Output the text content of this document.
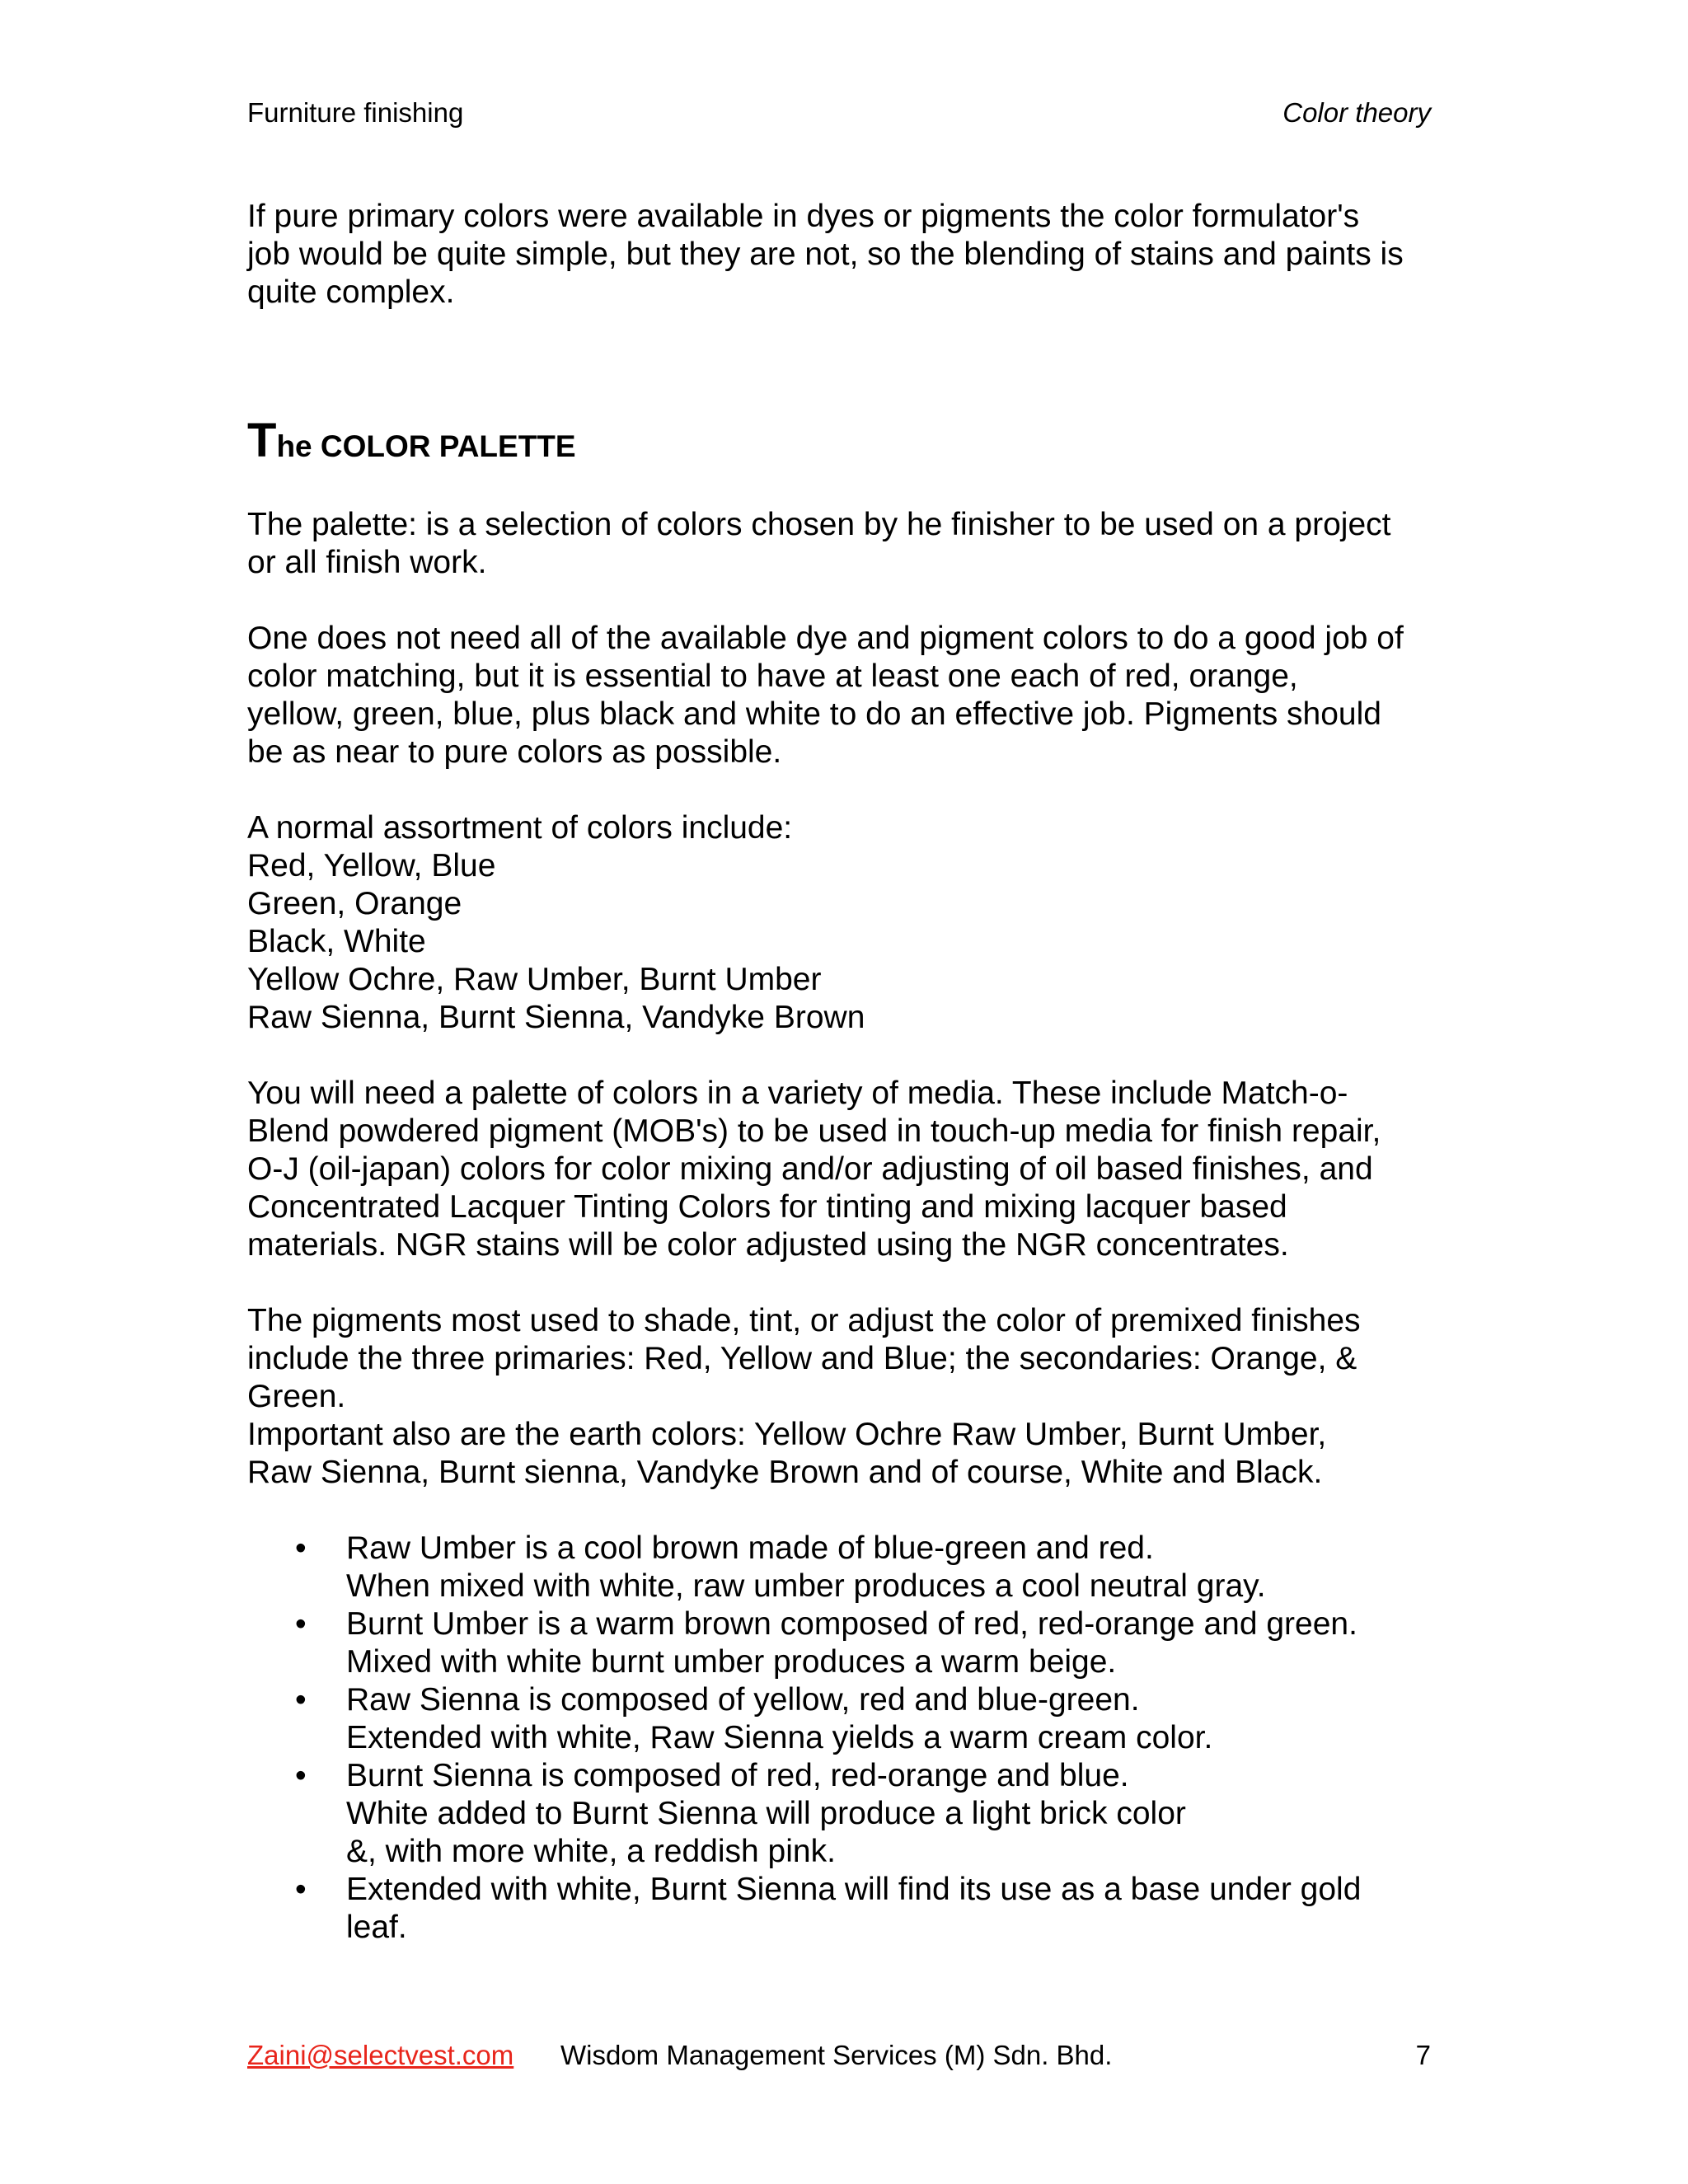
Furniture finishing	Color theory

If pure primary colors were available in dyes or pigments the color formulator's

job would be quite simple, but they are not, so the blending of stains and paints is

quite complex.

The COLOR PALETTE

The palette: is a selection of colors chosen by he finisher to be used on a project

or all finish work.

One does not need all of the available dye and pigment colors to do a good job of

color matching, but it is essential to have at least one each of red, orange,

yellow, green, blue, plus black and white to do an effective job. Pigments should

be as near to pure colors as possible.

A normal assortment of colors include:

Red, Yellow, Blue

Green, Orange

Black, White

Yellow Ochre, Raw Umber, Burnt Umber

Raw Sienna, Burnt Sienna, Vandyke Brown

You will need a palette of colors in a variety of media. These include Match-o-

Blend powdered pigment (MOB's) to be used in touch-up media for finish repair,

O-J (oil-japan) colors for color mixing and/or adjusting of oil based finishes, and

Concentrated Lacquer Tinting Colors for tinting and mixing lacquer based

materials. NGR stains will be color adjusted using the NGR concentrates.

The pigments most used to shade, tint, or adjust the color of premixed finishes

include the three primaries: Red, Yellow and Blue; the secondaries: Orange, &

Green.

Important also are the earth colors: Yellow Ochre Raw Umber, Burnt Umber,

Raw Sienna, Burnt sienna, Vandyke Brown and of course, White and Black.

• Raw Umber is a cool brown made of blue-green and red.

When mixed with white, raw umber produces a cool neutral gray.

• Burnt Umber is a warm brown composed of red, red-orange and green.

Mixed with white burnt umber produces a warm beige.

• Raw Sienna is composed of yellow, red and blue-green.

Extended with white, Raw Sienna yields a warm cream color.

• Burnt Sienna is composed of red, red-orange and blue.

White added to Burnt Sienna will produce a light brick color

&, with more white, a reddish pink.

• Extended with white, Burnt Sienna will find its use as a base under gold

leaf.

Zaini@selectvest.com Wisdom Management Services (M) Sdn. Bhd.	7
